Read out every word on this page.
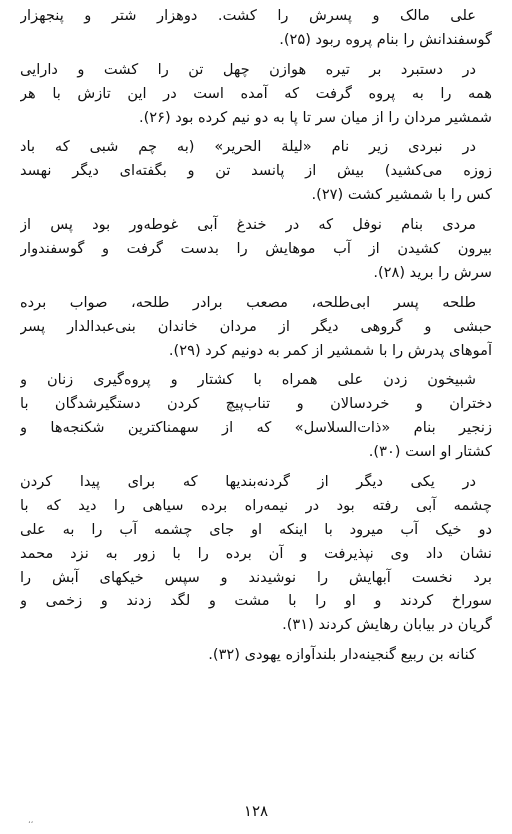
علی مالک و پسرش را کشت. دوهزار شتر و پنجهزار
گوسفندانش را بنام پروه ربود (۲۵).
در دستبرد بر تیره هوازن چهل تن را کشت و دارایی
همه را به پروه گرفت که آمده است در این تازش با هر
شمشیر مردان را از میان سر تا پا به دو نیم کرده بود (۲۶).
در نبردی زیر نام «لیلة الحریر» (به چم شبی که باد
زوزه می‌کشید) بیش از پانسد تن و بگفته‌ای دیگر نهسد
کس را با شمشیر کشت (۲۷).
مردی بنام نوفل که در خندغ آبی غوطه‌ور بود پس از
بیرون کشیدن از آب موهایش را بدست گرفت و گوسفندوار
سرش را برید (۲۸).
طلحه پسر ابی‌طلحه، مصعب برادر طلحه، صواب برده
حبشی و گروهی دیگر از مردان خاندان بنی‌عبدالدار پسر
آموهای پدرش را با شمشیر از کمر به دونیم کرد (۲۹).
شبیخون زدن علی همراه با کشتار و پروه‌گیری زنان و
دختران و خردسالان و تناب‌پیچ کردن دستگیرشدگان با
زنجیر بنام «ذات‌السلاسل» که از سهمناکترین شکنجه‌ها و
کشتار او است (۳۰).
در یکی دیگر از گردنه‌بندیها که برای پیدا کردن
چشمه آبی رفته بود در نیمه‌راه برده سیاهی را دید که با
دو خیک آب میرود با اینکه او جای چشمه آب را به علی
نشان داد وی نپذیرفت و آن برده را با زور به نزد محمد
برد نخست آبهایش را نوشیدند و سپس خیکهای آبش را
سوراخ کردند و او را با مشت و لگد زدند و زخمی و
گریان در بیابان رهایش کردند (۳۱).
کنانه بن ربیع گنجینه‌دار بلندآوازه یهودی (۳۲).
۱۲۸
،،
